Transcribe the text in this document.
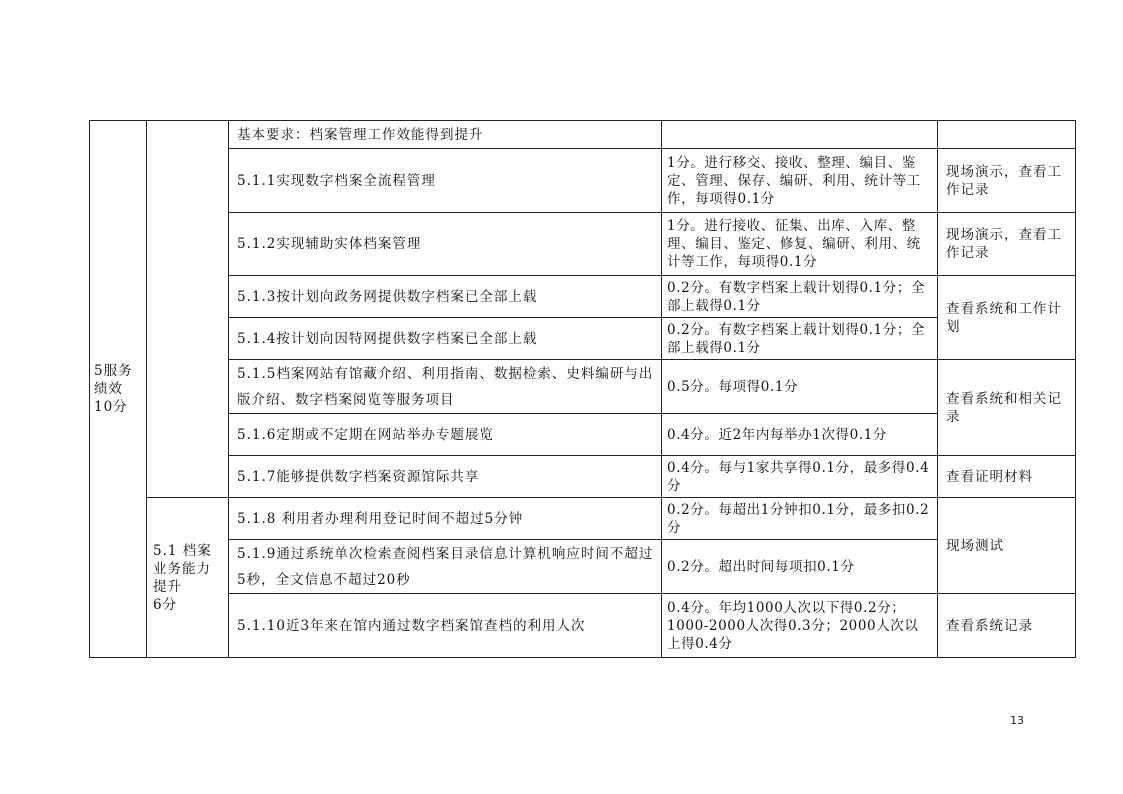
5服务
绩效
10分		基本要求：档案管理工作效能得到提升		
		5.1.1实现数字档案全流程管理	1分。进行移交、接收、整理、编目、鉴定、管理、保存、编研、利用、统计等工作，每项得0.1分	现场演示，查看工作记录
		5.1.2实现辅助实体档案管理	1分。进行接收、征集、出库、入库、整理、编目、鉴定、修复、编研、利用、统计等工作，每项得0.1分	现场演示，查看工作记录
		5.1.3按计划向政务网提供数字档案已全部上载	0.2分。有数字档案上载计划得0.1分；全部上载得0.1分	查看系统和工作计划
		5.1.4按计划向因特网提供数字档案已全部上载	0.2分。有数字档案上载计划得0.1分；全部上载得0.1分	
		5.1.5档案网站有馆藏介绍、利用指南、数据检索、史料编研与出版介绍、数字档案阅览等服务项目	0.5分。每项得0.1分	查看系统和相关记录
		5.1.6定期或不定期在网站举办专题展览	0.4分。近2年内每举办1次得0.1分	
		5.1.7能够提供数字档案资源馆际共享	0.4分。每与1家共享得0.1分，最多得0.4分	查看证明材料
	5.1 档案
业务能力
提升
6分	5.1.8 利用者办理利用登记时间不超过5分钟	0.2分。每超出1分钟扣0.1分，最多扣0.2分	现场测试
		5.1.9通过系统单次检索查阅档案目录信息计算机响应时间不超过5秒，全文信息不超过20秒	0.2分。超出时间每项扣0.1分	
		5.1.10近3年来在馆内通过数字档案馆查档的利用人次	0.4分。年均1000人次以下得0.2分；1000-2000人次得0.3分；2000人次以上得0.4分	查看系统记录
13
